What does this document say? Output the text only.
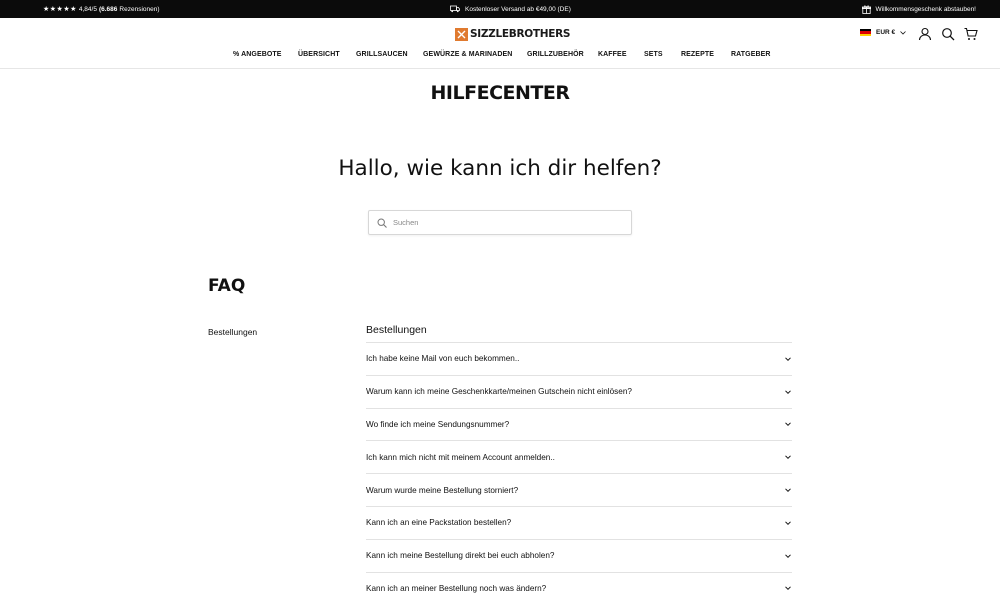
★★★★★ 4,84/5 (6.686 Rezensionen)	Kostenloser Versand ab €49,00 (DE)	Willkommensgeschenk abstauben!
SIZZLEBROTHERS	EUR €
% ANGEBOTE ÜBERSICHT GRILLSAUCEN GEWÜRZE & MARINADEN GRILLZUBEHÖR KAFFEE SETS	REZEPTE RATGEBER
HILFECENTER
Hallo, wie kann ich dir helfen?
Suchen
FAQ
Bestellungen	Bestellungen
Ich habe keine Mail von euch bekommen..
Warum kann ich meine Geschenkkarte/meinen Gutschein nicht einlösen?
Wo finde ich meine Sendungsnummer?
Ich kann mich nicht mit meinem Account anmelden..
Warum wurde meine Bestellung storniert?
Kann ich an eine Packstation bestellen?
Kann ich meine Bestellung direkt bei euch abholen?
Kann ich an meiner Bestellung noch was ändern?
